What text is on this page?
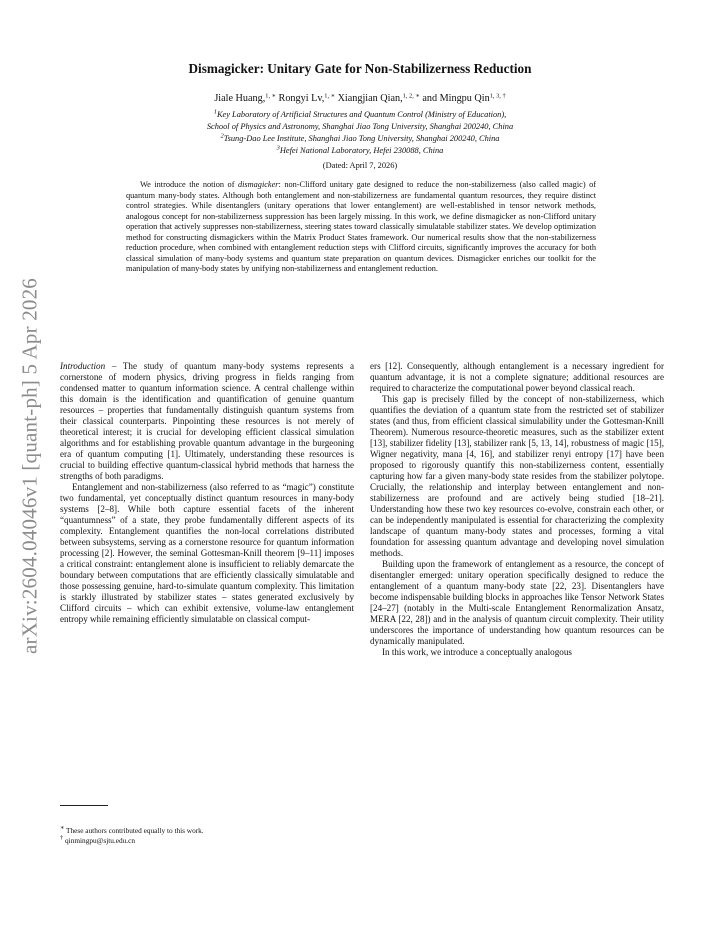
arXiv:2604.04046v1 [quant-ph] 5 Apr 2026
Dismagicker: Unitary Gate for Non-Stabilizerness Reduction
Jiale Huang,$^{1, ∗}$ Rongyi Lv,$^{1, ∗}$ Xiangjian Qian,$^{1, 2, ∗}$ and Mingpu Qin$^{1, 3, \dagger}$
$^1$Key Laboratory of Artificial Structures and Quantum Control (Ministry of Education),
School of Physics and Astronomy, Shanghai Jiao Tong University, Shanghai 200240, China
$^2$Tsung-Dao Lee Institute, Shanghai Jiao Tong University, Shanghai 200240, China
$^3$Hefei National Laboratory, Hefei 230088, China
(Dated: April 7, 2026)
We introduce the notion of dismagicker: non-Clifford unitary gate designed to reduce the non-stabilizerness (also called magic) of quantum many-body states. Although both entanglement and non-stabilizerness are fundamental quantum resources, they require distinct control strategies. While disentanglers (unitary operations that lower entanglement) are well-established in tensor network methods, analogous concept for non-stabilizerness suppression has been largely missing. In this work, we define dismagicker as non-Clifford unitary operation that actively suppresses non-stabilizerness, steering states toward classically simulatable stabilizer states. We develop optimization method for constructing dismagickers within the Matrix Product States framework. Our numerical results show that the non-stabilizerness reduction procedure, when combined with entanglement reduction steps with Clifford circuits, significantly improves the accuracy for both classical simulation of many-body systems and quantum state preparation on quantum devices. Dismagicker enriches our toolkit for the manipulation of many-body states by unifying non-stabilizerness and entanglement reduction.

Introduction – The study of quantum many-body systems represents a cornerstone of modern physics, driving progress in fields ranging from condensed matter to quantum information science. A central challenge within this domain is the identification and quantification of genuine quantum resources – properties that fundamentally distinguish quantum systems from their classical counterparts. Pinpointing these resources is not merely of theoretical interest; it is crucial for developing efficient classical simulation algorithms and for establishing provable quantum advantage in the burgeoning era of quantum computing [1]. Ultimately, understanding these resources is crucial to building effective quantum-classical hybrid methods that harness the strengths of both paradigms.

Entanglement and non-stabilizerness (also referred to as “magic”) constitute two fundamental, yet conceptually distinct quantum resources in many-body systems [2–8]. While both capture essential facets of the inherent “quantumness” of a state, they probe fundamentally different aspects of its complexity. Entanglement quantifies the non-local correlations distributed between subsystems, serving as a cornerstone resource for quantum information processing [2]. However, the seminal Gottesman-Knill theorem [9–11] imposes a critical constraint: entanglement alone is insufficient to reliably demarcate the boundary between computations that are efficiently classically simulatable and those possessing genuine, hard-to-simulate quantum complexity. This limitation is starkly illustrated by stabilizer states – states generated exclusively by Clifford circuits – which can exhibit extensive, volume-law entanglement entropy while remaining efficiently simulatable on classical comput-

ers [12]. Consequently, although entanglement is a necessary ingredient for quantum advantage, it is not a complete signature; additional resources are required to characterize the computational power beyond classical reach.

This gap is precisely filled by the concept of non-stabilizerness, which quantifies the deviation of a quantum state from the restricted set of stabilizer states (and thus, from efficient classical simulability under the Gottesman-Knill Theorem). Numerous resource-theoretic measures, such as the stabilizer extent [13], stabilizer fidelity [13], stabilizer rank [5, 13, 14], robustness of magic [15], Wigner negativity, mana [4, 16], and stabilizer renyi entropy [17] have been proposed to rigorously quantify this non-stabilizerness content, essentially capturing how far a given many-body state resides from the stabilizer polytope. Crucially, the relationship and interplay between entanglement and non-stabilizerness are profound and are actively being studied [18–21]. Understanding how these two key resources co-evolve, constrain each other, or can be independently manipulated is essential for characterizing the complexity landscape of quantum many-body states and processes, forming a vital foundation for assessing quantum advantage and developing novel simulation methods.

Building upon the framework of entanglement as a resource, the concept of disentangler emerged: unitary operation specifically designed to reduce the entanglement of a quantum many-body state [22, 23]. Disentanglers have become indispensable building blocks in approaches like Tensor Network States [24–27] (notably in the Multi-scale Entanglement Renormalization Ansatz, MERA [22, 28]) and in the analysis of quantum circuit complexity. Their utility underscores the importance of understanding how quantum resources can be dynamically manipulated.

In this work, we introduce a conceptually analogous

∗ These authors contributed equally to this work.
† qinmingpu@sjtu.edu.cn
